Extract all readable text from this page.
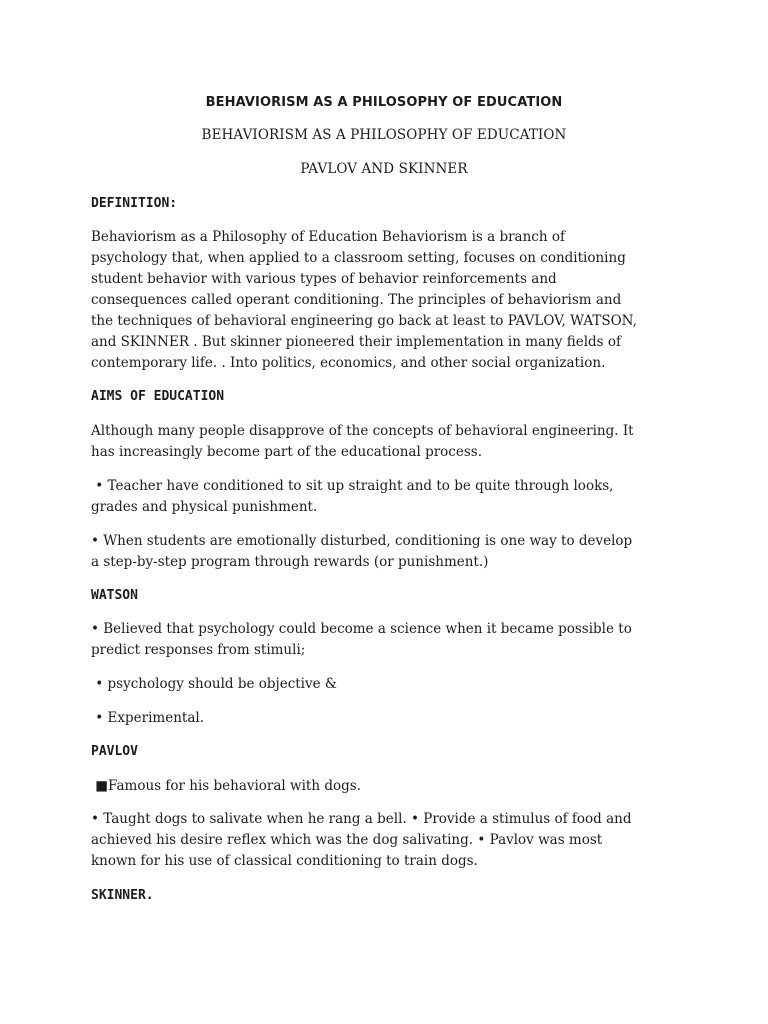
BEHAVIORISM AS A PHILOSOPHY OF EDUCATION
BEHAVIORISM AS A PHILOSOPHY OF EDUCATION
PAVLOV AND SKINNER
DEFINITION:
Behaviorism as a Philosophy of Education Behaviorism is a branch of
psychology that, when applied to a classroom setting, focuses on conditioning
student behavior with various types of behavior reinforcements and
consequences called operant conditioning. The principles of behaviorism and
the techniques of behavioral engineering go back at least to PAVLOV, WATSON,
and SKINNER . But skinner pioneered their implementation in many fields of
contemporary life. . Into politics, economics, and other social organization.
AIMS OF EDUCATION
Although many people disapprove of the concepts of behavioral engineering. It
has increasingly become part of the educational process.
• Teacher have conditioned to sit up straight and to be quite through looks,
grades and physical punishment.
• When students are emotionally disturbed, conditioning is one way to develop
a step-by-step program through rewards (or punishment.)
WATSON
• Believed that psychology could become a science when it became possible to
predict responses from stimuli;
• psychology should be objective &
• Experimental.
PAVLOV
■Famous for his behavioral with dogs.
• Taught dogs to salivate when he rang a bell. • Provide a stimulus of food and
achieved his desire reflex which was the dog salivating. • Pavlov was most
known for his use of classical conditioning to train dogs.
SKINNER.
